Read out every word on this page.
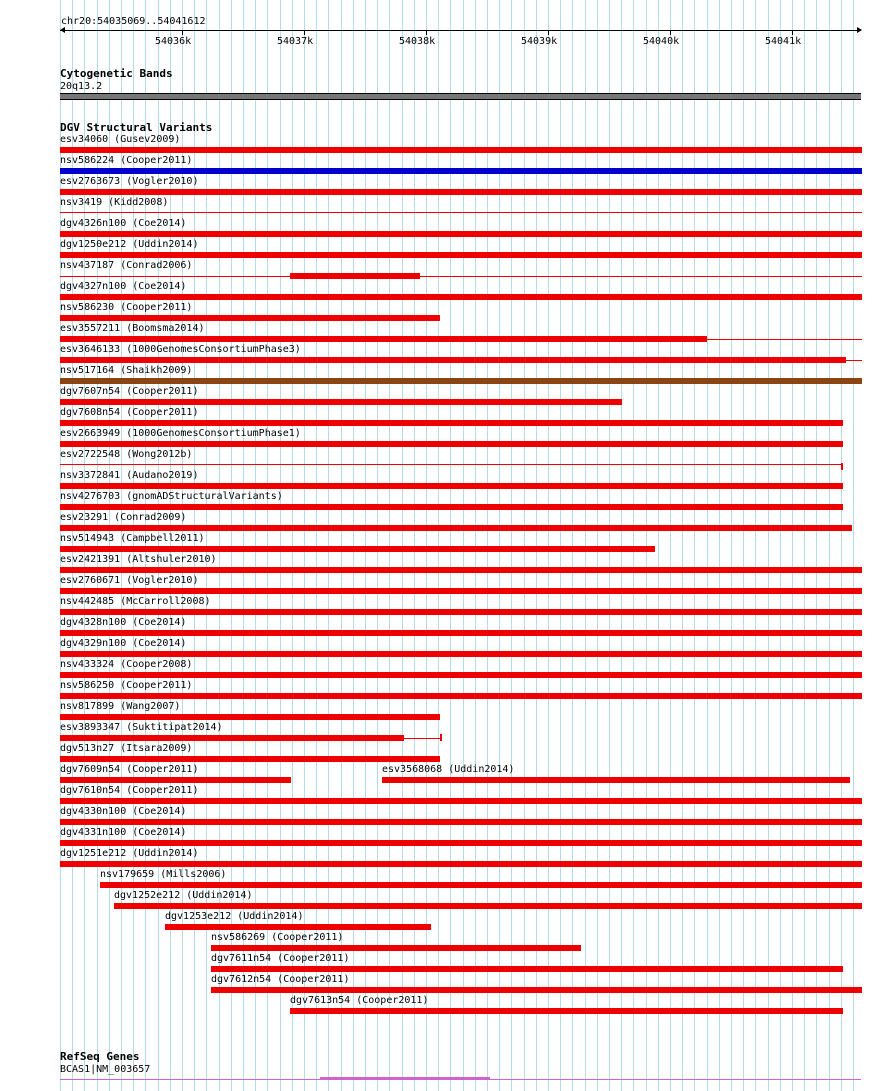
chr20:54035069..54041612
54036k	54037k	54038k	54039k	54040k	54041k
Cytogenetic Bands
20q13.2
DGV Structural Variants
esv34060 (Gusev2009)
nsv586224 (Cooper2011)
esv2763673 (Vogler2010)
nsv3419 (Kidd2008)
dgv4326n100 (Coe2014)
dgv1250e212 (Uddin2014)
nsv437187 (Conrad2006)
dgv4327n100 (Coe2014)
nsv586230 (Cooper2011)
esv3557211 (Boomsma2014)
esv3646133 (1000GenomesConsortiumPhase3)
nsv517164 (Shaikh2009)
dgv7607n54 (Cooper2011)
dgv7608n54 (Cooper2011)
esv2663949 (1000GenomesConsortiumPhase1)
esv2722548 (Wong2012b)
nsv3372841 (Audano2019)
nsv4276703 (gnomADStructuralVariants)
esv23291 (Conrad2009)
nsv514943 (Campbell2011)
esv2421391 (Altshuler2010)
esv2760671 (Vogler2010)
nsv442485 (McCarroll2008)
dgv4328n100 (Coe2014)
dgv4329n100 (Coe2014)
nsv433324 (Cooper2008)
nsv586250 (Cooper2011)
nsv817899 (Wang2007)
esv3893347 (Suktitipat2014)
dgv513n27 (Itsara2009)
dgv7609n54 (Cooper2011)	esv3568068 (Uddin2014)
dgv7610n54 (Cooper2011)
dgv4330n100 (Coe2014)
dgv4331n100 (Coe2014)
dgv1251e212 (Uddin2014)
nsv179659 (Mills2006)
dgv1252e212 (Uddin2014)
dgv1253e212 (Uddin2014)
nsv586269 (Cooper2011)
dgv7611n54 (Cooper2011)
dgv7612n54 (Cooper2011)
dgv7613n54 (Cooper2011)
RefSeq Genes
BCAS1|NM_003657
